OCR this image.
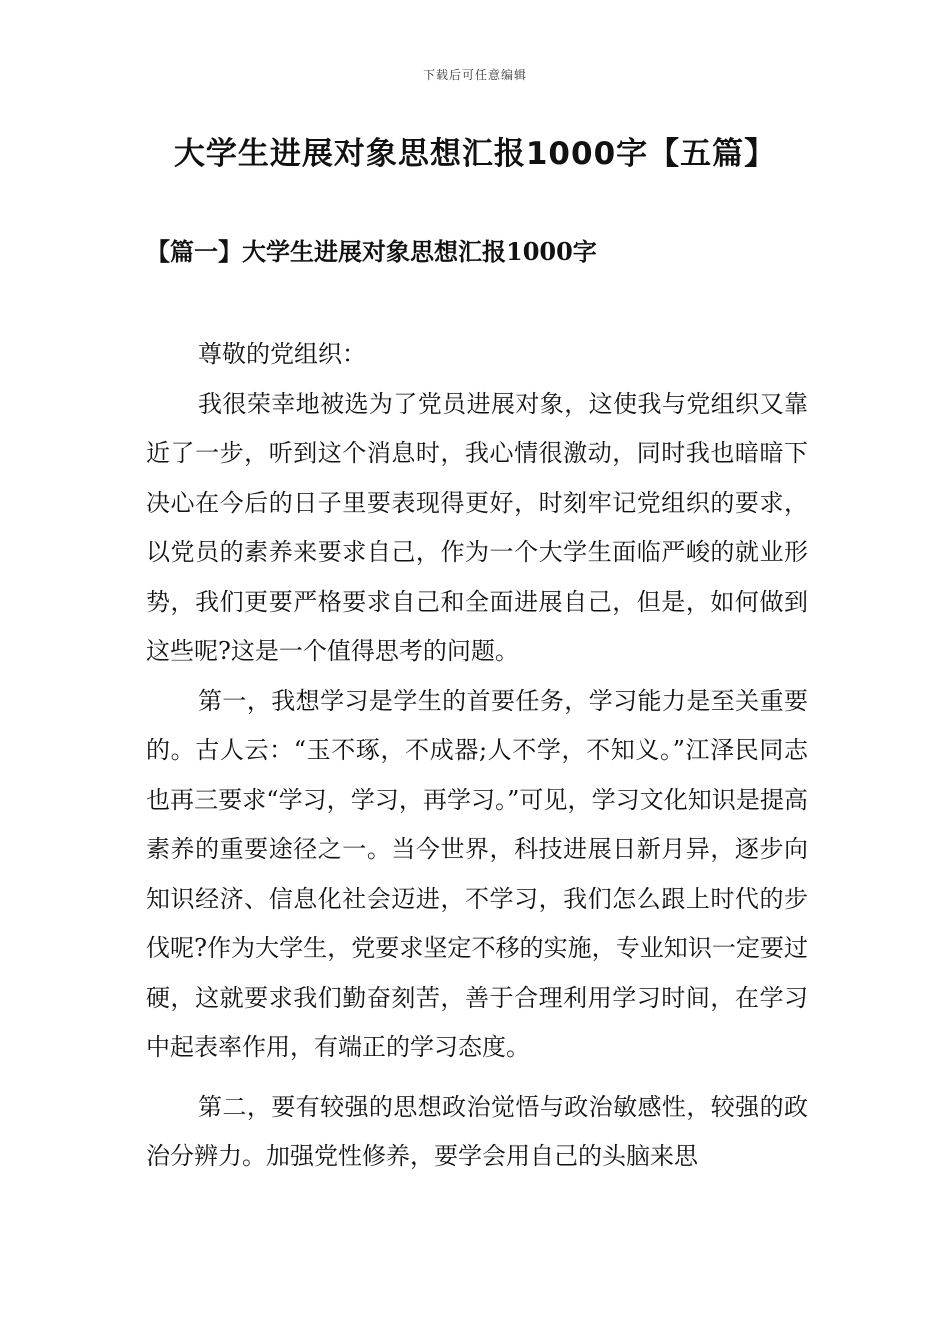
下载后可任意编辑
大学生进展对象思想汇报1000字【五篇】
【篇一】大学生进展对象思想汇报1000字

尊敬的党组织：

我很荣幸地被选为了党员进展对象，这使我与党组织又靠近了一步，听到这个消息时，我心情很激动，同时我也暗暗下决心在今后的日子里要表现得更好，时刻牢记党组织的要求，以党员的素养来要求自己，作为一个大学生面临严峻的就业形势，我们更要严格要求自己和全面进展自己，但是，如何做到这些呢?这是一个值得思考的问题。

第一，我想学习是学生的首要任务，学习能力是至关重要的。古人云：“玉不琢，不成器;人不学，不知义。”江泽民同志也再三要求“学习，学习，再学习。”可见，学习文化知识是提高素养的重要途径之一。当今世界，科技进展日新月异，逐步向知识经济、信息化社会迈进，不学习，我们怎么跟上时代的步伐呢?作为大学生，党要求坚定不移的实施，专业知识一定要过硬，这就要求我们勤奋刻苦，善于合理利用学习时间，在学习中起表率作用，有端正的学习态度。

第二，要有较强的思想政治觉悟与政治敏感性，较强的政治分辨力。加强党性修养，要学会用自己的头脑来思
